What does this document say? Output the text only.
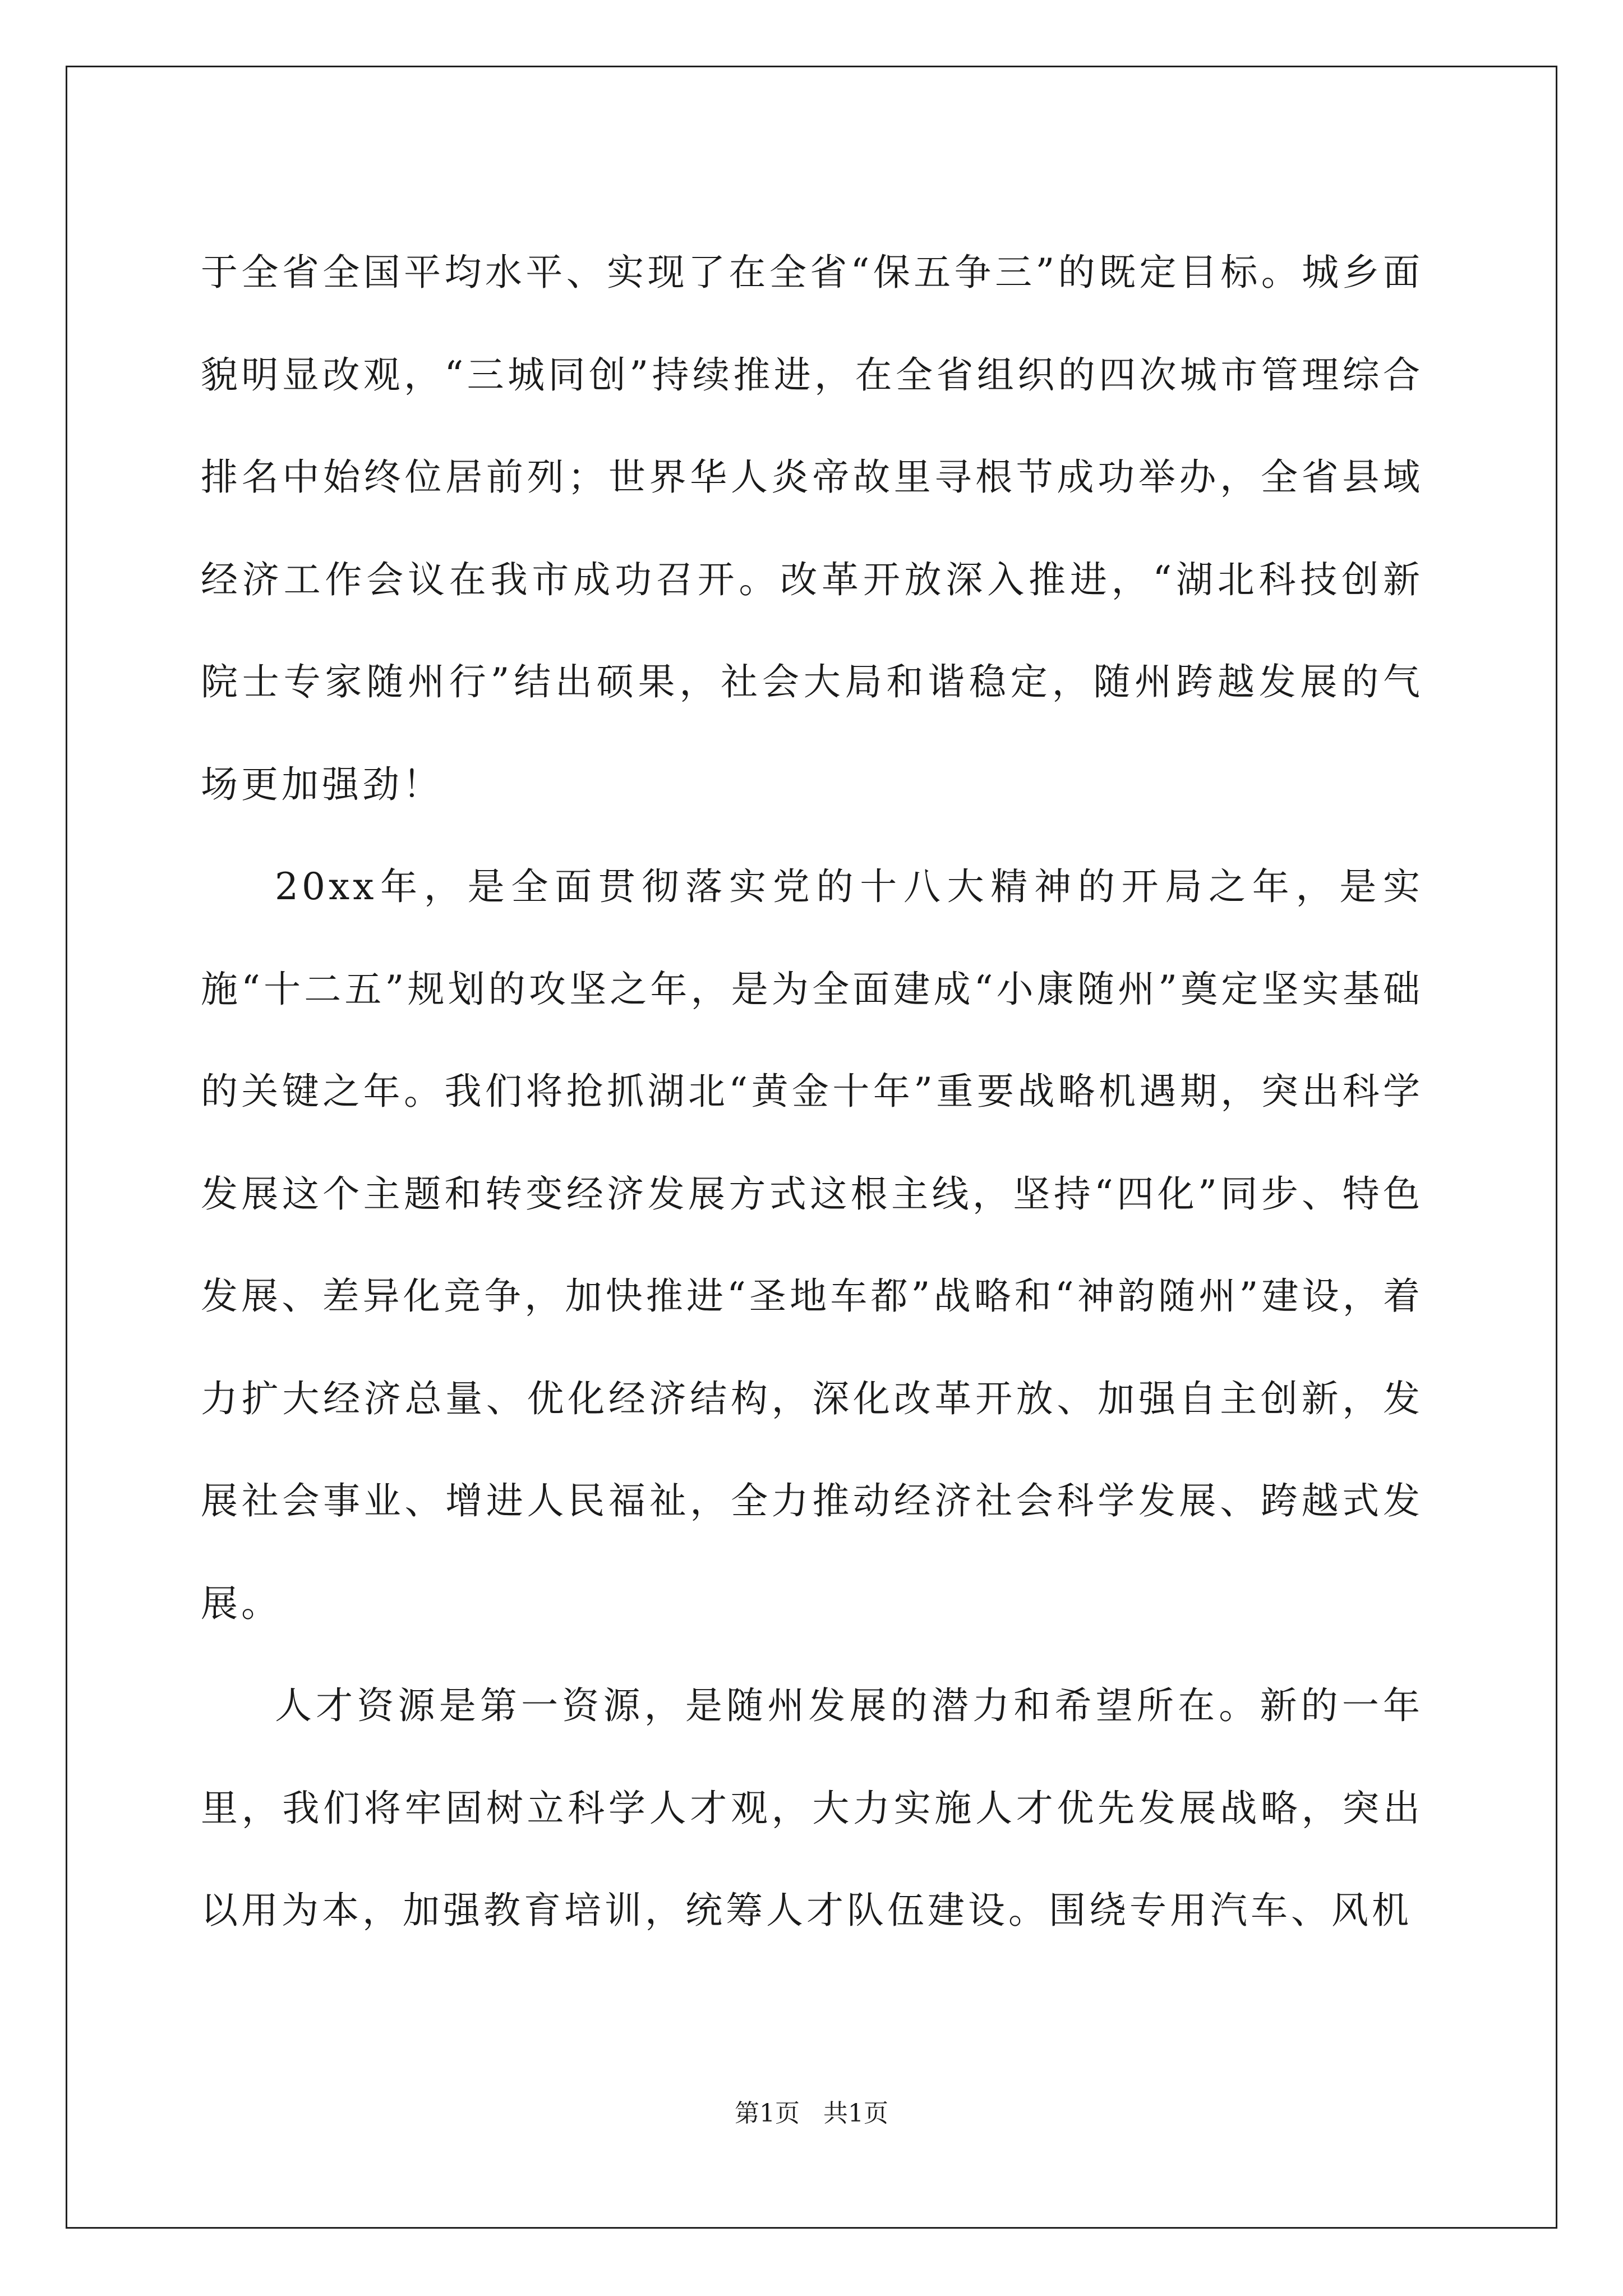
于全省全国平均水平、实现了在全省“保五争三”的既定目标。城乡面貌明显改观，“三城同创”持续推进，在全省组织的四次城市管理综合排名中始终位居前列；世界华人炎帝故里寻根节成功举办，全省县域经济工作会议在我市成功召开。改革开放深入推进，“湖北科技创新院士专家随州行”结出硕果，社会大局和谐稳定，随州跨越发展的气场更加强劲！

20xx年，是全面贯彻落实党的十八大精神的开局之年，是实施“十二五”规划的攻坚之年，是为全面建成“小康随州”奠定坚实基础的关键之年。我们将抢抓湖北“黄金十年”重要战略机遇期，突出科学发展这个主题和转变经济发展方式这根主线，坚持“四化”同步、特色发展、差异化竞争，加快推进“圣地车都”战略和“神韵随州”建设，着力扩大经济总量、优化经济结构，深化改革开放、加强自主创新，发展社会事业、增进人民福祉，全力推动经济社会科学发展、跨越式发展。

人才资源是第一资源，是随州发展的潜力和希望所在。新的一年里，我们将牢固树立科学人才观，大力实施人才优先发展战略，突出以用为本，加强教育培训，统筹人才队伍建设。围绕专用汽车、风机

第1页   共1页
